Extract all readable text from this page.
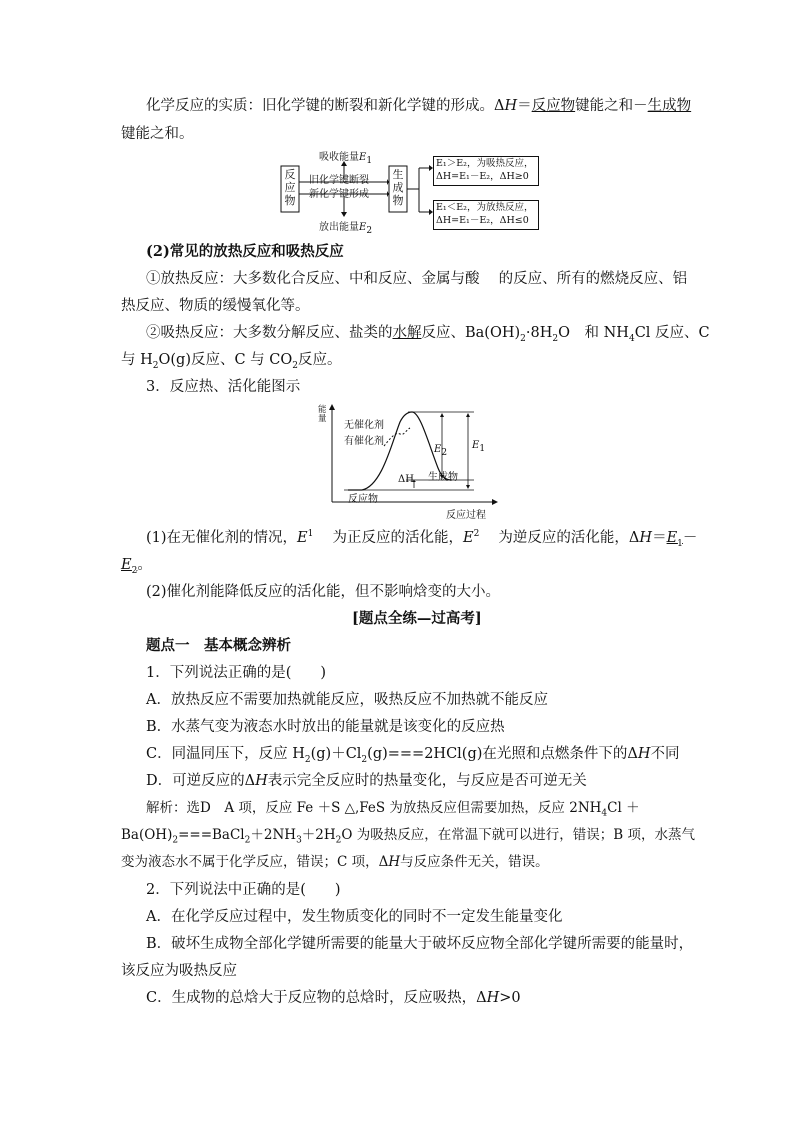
化学反应的实质：旧化学键的断裂和新化学键的形成。ΔH＝反应物键能之和－生成物
键能之和。
反
应
物
生
成
物
吸收能量$E_1$
旧化学键断裂
新化学键形成
放出能量$E_2$
E₁＞E₂，为吸热反应，
ΔH=E₁－E₂，ΔH≥0
E₁＜E₂，为放热反应，
ΔH=E₁－E₂，ΔH≤0
(2)常见的放热反应和吸热反应
①放热反应：大多数化合反应、中和反应、金属与酸　 的反应、所有的燃烧反应、铝
热反应、物质的缓慢氧化等。
②吸热反应：大多数分解反应、盐类的水解反应、$Ba(OH)_2\cdot 8H_2O$　 和 $NH_4Cl$ 反应、C
与 $H_2O(g)$反应、C 与 $CO_2$反应。
3．反应热、活化能图示
能量
反应过程
无催化剂
有催化剂
反应物
生成物
ΔH
$E_1$
$E_2$
(1)在无催化剂的情况，$E^1$　 为正反应的活化能，$E^2$　 为逆反应的活化能，$\Delta H=E_1-$
$E_2$。
(2)催化剂能降低反应的活化能，但不影响焓变的大小。
[题点全练—过高考]
题点一　基本概念辨析
1．下列说法正确的是(　　)
A．放热反应不需要加热就能反应，吸热反应不加热就不能反应
B．水蒸气变为液态水时放出的能量就是该变化的反应热
C．同温同压下，反应 $H_2(g)+Cl_2(g)===2HCl(g)$在光照和点燃条件下的ΔH不同
D．可逆反应的ΔH表示完全反应时的热量变化，与反应是否可逆无关
解析：选D　A 项，反应 Fe ＋S △,FeS 为放热反应但需要加热，反应 $2NH_4Cl$ ＋
$Ba(OH)_2===BaCl_2+2NH_3+2H_2O$ 为吸热反应，在常温下就可以进行，错误；B 项，水蒸气
变为液态水不属于化学反应，错误；C 项，ΔH与反应条件无关，错误。
2．下列说法中正确的是(　　)
A．在化学反应过程中，发生物质变化的同时不一定发生能量变化
B．破坏生成物全部化学键所需要的能量大于破坏反应物全部化学键所需要的能量时，
该反应为吸热反应
C．生成物的总焓大于反应物的总焓时，反应吸热，ΔH>0
